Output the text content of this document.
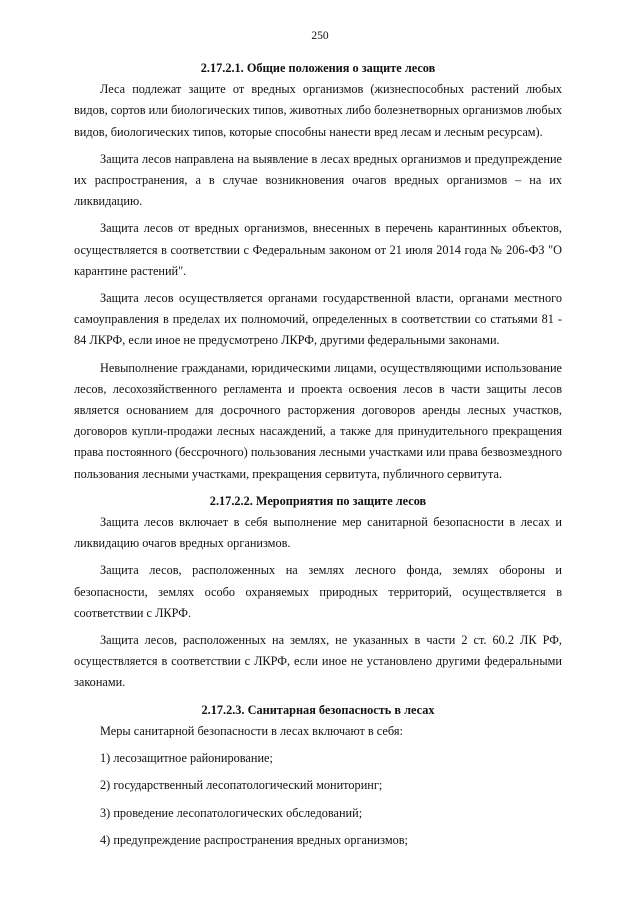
250
2.17.2.1. Общие положения о защите лесов

Леса подлежат защите от вредных организмов (жизнеспособных растений любых видов, сортов или биологических типов, животных либо болезнетворных организмов любых видов, биологических типов, которые способны нанести вред лесам и лесным ресурсам).

Защита лесов направлена на выявление в лесах вредных организмов и предупреждение их распространения, а в случае возникновения очагов вредных организмов – на их ликвидацию.

Защита лесов от вредных организмов, внесенных в перечень карантинных объектов, осуществляется в соответствии с Федеральным законом от 21 июля 2014 года № 206-ФЗ "О карантине растений".

Защита лесов осуществляется органами государственной власти, органами местного самоуправления в пределах их полномочий, определенных в соответствии со статьями 81 - 84 ЛКРФ, если иное не предусмотрено ЛКРФ, другими федеральными законами.

Невыполнение гражданами, юридическими лицами, осуществляющими использование лесов, лесохозяйственного регламента и проекта освоения лесов в части защиты лесов является основанием для досрочного расторжения договоров аренды лесных участков, договоров купли-продажи лесных насаждений, а также для принудительного прекращения права постоянного (бессрочного) пользования лесными участками или права безвозмездного пользования лесными участками, прекращения сервитута, публичного сервитута.

2.17.2.2. Мероприятия по защите лесов

Защита лесов включает в себя выполнение мер санитарной безопасности в лесах и ликвидацию очагов вредных организмов.

Защита лесов, расположенных на землях лесного фонда, землях обороны и безопасности, землях особо охраняемых природных территорий, осуществляется в соответствии с ЛКРФ.

Защита лесов, расположенных на землях, не указанных в части 2 ст. 60.2 ЛК РФ, осуществляется в соответствии с ЛКРФ, если иное не установлено другими федеральными законами.

2.17.2.3. Санитарная безопасность в лесах

Меры санитарной безопасности в лесах включают в себя:

1) лесозащитное районирование;

2) государственный лесопатологический мониторинг;

3) проведение лесопатологических обследований;

4) предупреждение распространения вредных организмов;
